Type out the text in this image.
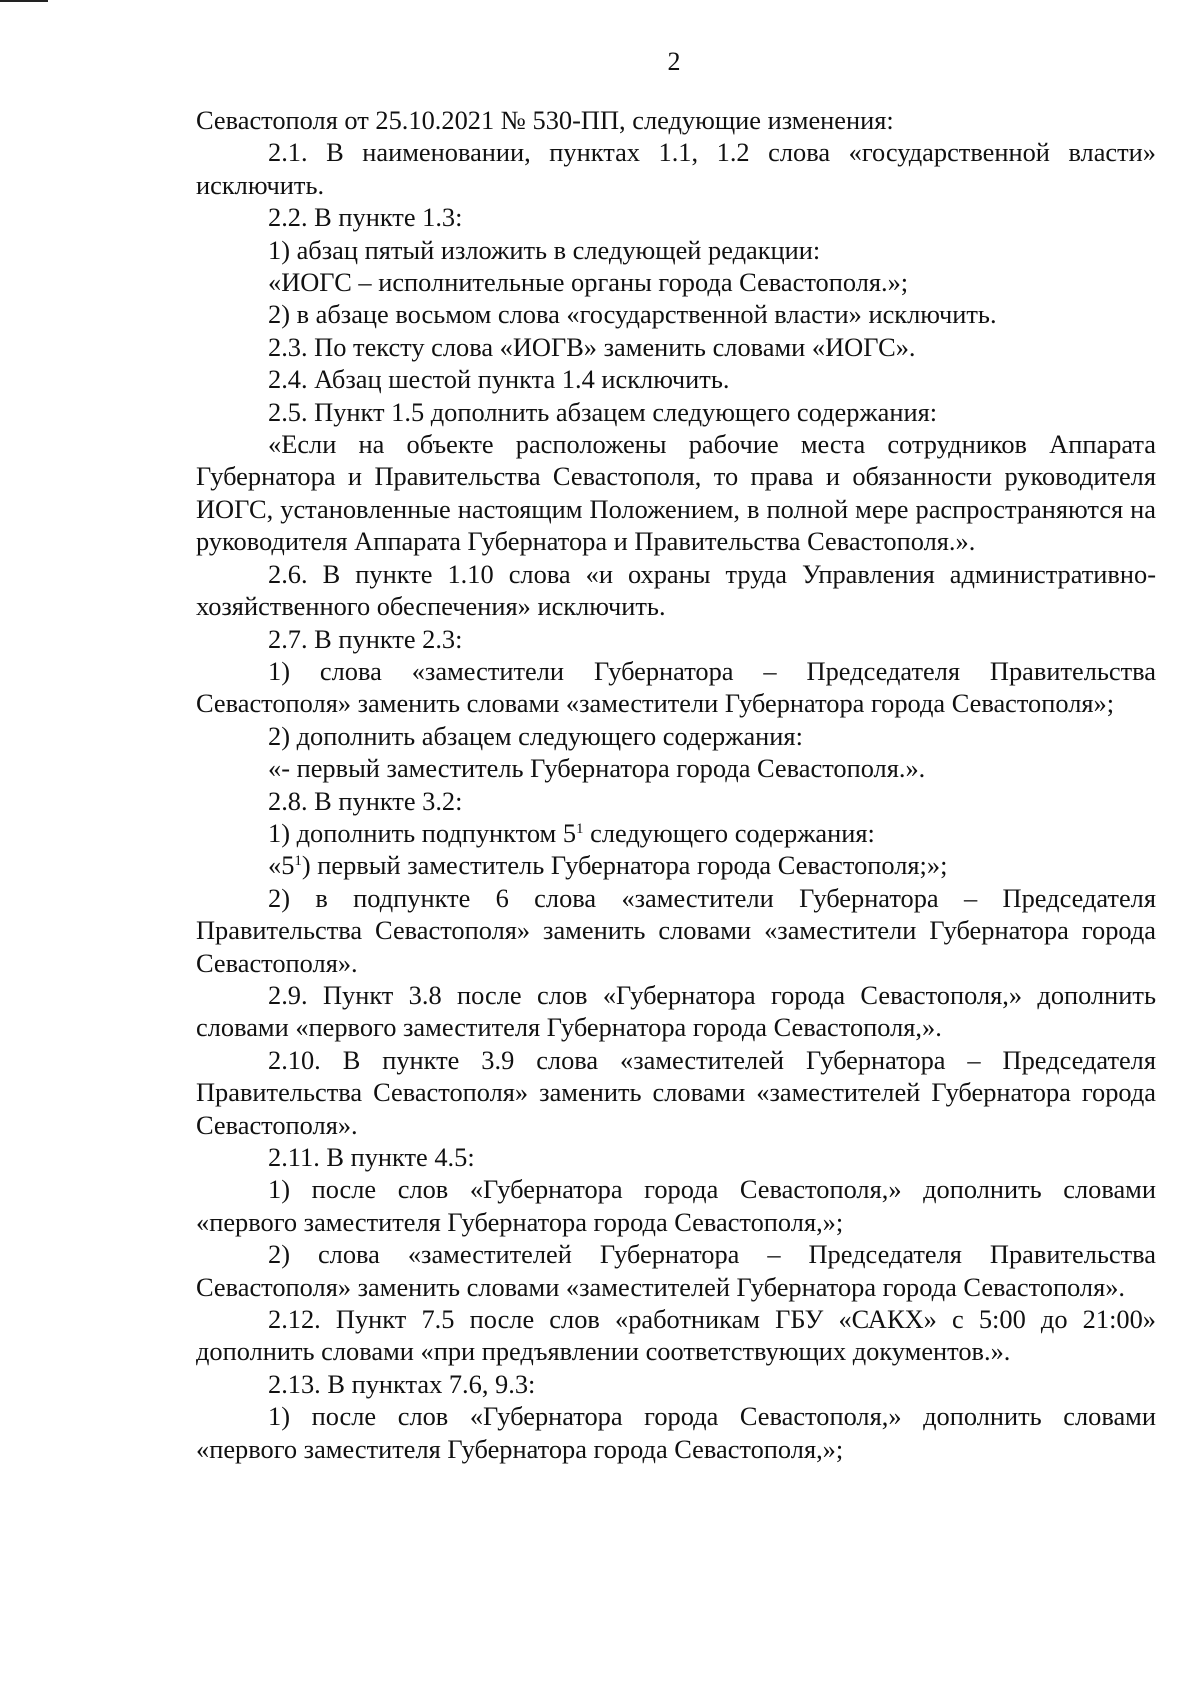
2

Севастополя от 25.10.2021 № 530-ПП, следующие изменения:

2.1. В наименовании, пунктах 1.1, 1.2 слова «государственной власти» исключить.

2.2. В пункте 1.3:

1) абзац пятый изложить в следующей редакции:

«ИОГС – исполнительные органы города Севастополя.»;

2) в абзаце восьмом слова «государственной власти» исключить.

2.3. По тексту слова «ИОГВ» заменить словами «ИОГС».

2.4. Абзац шестой пункта 1.4 исключить.

2.5. Пункт 1.5 дополнить абзацем следующего содержания:

«Если на объекте расположены рабочие места сотрудников Аппарата Губернатора и Правительства Севастополя, то права и обязанности руководителя ИОГС, установленные настоящим Положением, в полной мере распространяются на руководителя Аппарата Губернатора и Правительства Севастополя.».

2.6. В пункте 1.10 слова «и охраны труда Управления административно-хозяйственного обеспечения» исключить.

2.7. В пункте 2.3:

1) слова «заместители Губернатора – Председателя Правительства Севастополя» заменить словами «заместители Губернатора города Севастополя»;

2) дополнить абзацем следующего содержания:

«- первый заместитель Губернатора города Севастополя.».

2.8. В пункте 3.2:

1) дополнить подпунктом $5^1$ следующего содержания:

«$5^1$) первый заместитель Губернатора города Севастополя;»;

2) в подпункте 6 слова «заместители Губернатора – Председателя Правительства Севастополя» заменить словами «заместители Губернатора города Севастополя».

2.9. Пункт 3.8 после слов «Губернатора города Севастополя,» дополнить словами «первого заместителя Губернатора города Севастополя,».

2.10. В пункте 3.9 слова «заместителей Губернатора – Председателя Правительства Севастополя» заменить словами «заместителей Губернатора города Севастополя».

2.11. В пункте 4.5:

1) после слов «Губернатора города Севастополя,» дополнить словами «первого заместителя Губернатора города Севастополя,»;

2) слова «заместителей Губернатора – Председателя Правительства Севастополя» заменить словами «заместителей Губернатора города Севастополя».

2.12. Пункт 7.5 после слов «работникам ГБУ «САКХ» с 5:00 до 21:00» дополнить словами «при предъявлении соответствующих документов.».

2.13. В пунктах 7.6, 9.3:

1) после слов «Губернатора города Севастополя,» дополнить словами «первого заместителя Губернатора города Севастополя,»;
